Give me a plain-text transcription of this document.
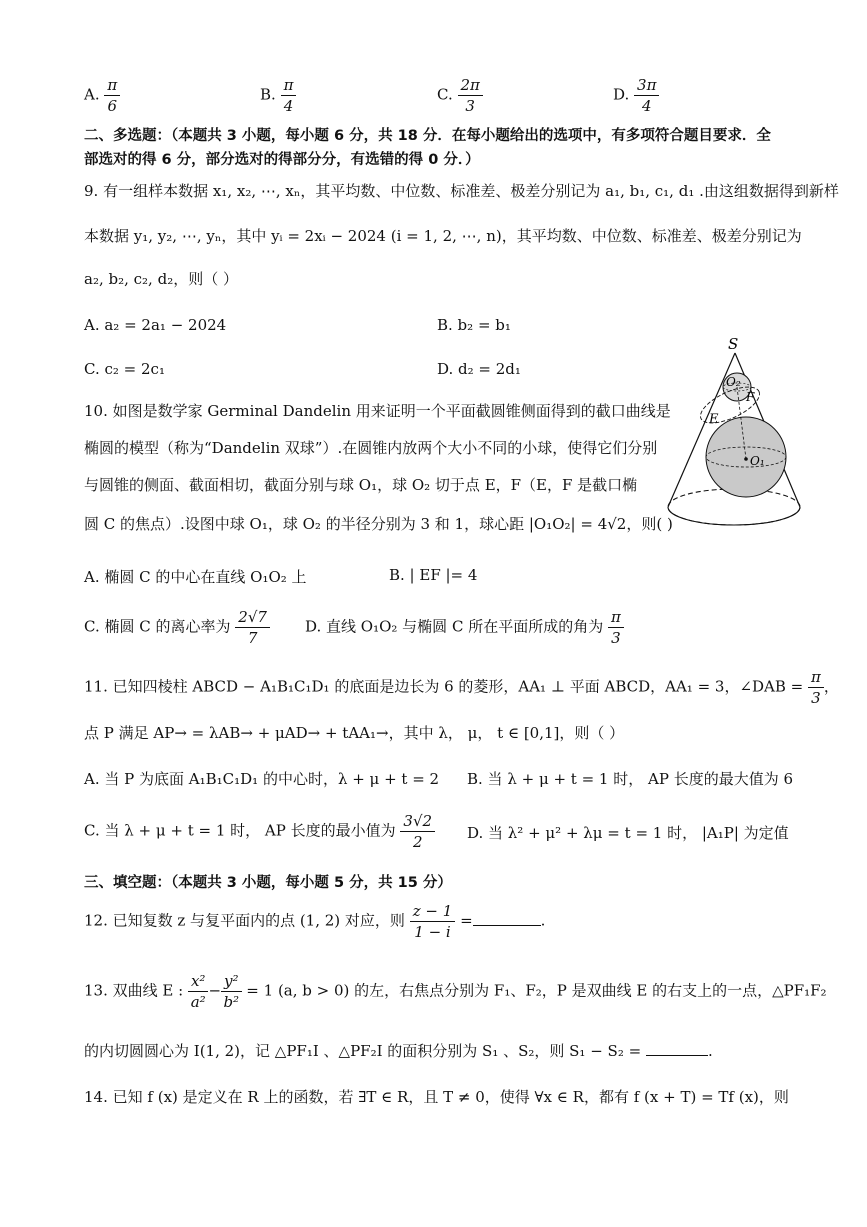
A. $\frac{\pi}{6}$	B. $\frac{\pi}{4}$	C. $\frac{2\pi}{3}$	D. $\frac{3\pi}{4}$
二、多选题：（本题共 3 小题，每小题 6 分，共 18 分．在每小题给出的选项中，有多项符合题目要求．全
部选对的得 6 分，部分选对的得部分分，有选错的得 0 分．）
9. 有一组样本数据 x₁, x₂, ⋯, xₙ，其平均数、中位数、标准差、极差分别记为 a₁, b₁, c₁, d₁ .由这组数据得到新样
本数据 y₁, y₂, ⋯, yₙ，其中 yᵢ = 2xᵢ − 2024 (i = 1, 2, ⋯, n)，其平均数、中位数、标准差、极差分别记为
a₂, b₂, c₂, d₂，则（ ）
A. a₂ = 2a₁ − 2024	B. b₂ = b₁
C. c₂ = 2c₁	D. d₂ = 2d₁
S
O₂
E
F
O₁
10. 如图是数学家 Germinal Dandelin 用来证明一个平面截圆锥侧面得到的截口曲线是
椭圆的模型（称为“Dandelin 双球”）.在圆锥内放两个大小不同的小球，使得它们分别
与圆锥的侧面、截面相切，截面分别与球 O₁，球 O₂ 切于点 E，F（E，F 是截口椭
圆 C 的焦点）.设图中球 O₁，球 O₂ 的半径分别为 3 和 1，球心距 |O₁O₂| = 4√2，则( )
A. 椭圆 C 的中心在直线 O₁O₂ 上	B. | EF |= 4
C. 椭圆 C 的离心率为 $\frac{2√7}{7} D$. 直线 O₁O₂ 与椭圆 C 所在平面所成的角为 $\frac{\pi}{3}$
11. 已知四棱柱 ABCD − A₁B₁C₁D₁ 的底面是边长为 6 的菱形，AA₁ ⊥ 平面 ABCD，AA₁ = 3，∠DAB = $\frac{\pi}{3}$ ，
点 P 满足 AP→ = λAB→ + μAD→ + tAA₁→，其中 λ， μ， t ∈ [0,1]，则（ ）
A. 当 P 为底面 A₁B₁C₁D₁ 的中心时，λ + μ + t = 2 B. 当 λ + μ + t = 1 时， AP 长度的最大值为 6
C. 当 λ + μ + t = 1 时， AP 长度的最小值为 $\frac{3√2}{2} D$. 当 λ² + μ² + λμ = t = 1 时， |A₁P| 为定值
三、填空题：（本题共 3 小题，每小题 5 分，共 15 分）
12. 已知复数 z 与复平面内的点 (1, 2) 对应，则 $\frac{z - 1}{1 - i}$ =	.
13. 双曲线 E : $\frac{\text{x²}}{\text{a²}} - \frac{\text{y²}}{\text{b²}} = 1$ (a, b > 0) 的左，右焦点分别为 F₁、F₂，P 是双曲线 E 的右支上的一点，△PF₁F₂
的内切圆圆心为 I(1, 2)，记 △PF₁I 、△PF₂I 的面积分别为 S₁ 、S₂，则 S₁ − S₂ =	.
14. 已知 f (x) 是定义在 R 上的函数，若 ∃T ∈ R，且 T ≠ 0，使得 ∀x ∈ R，都有 f (x + T) = Tf (x)，则
